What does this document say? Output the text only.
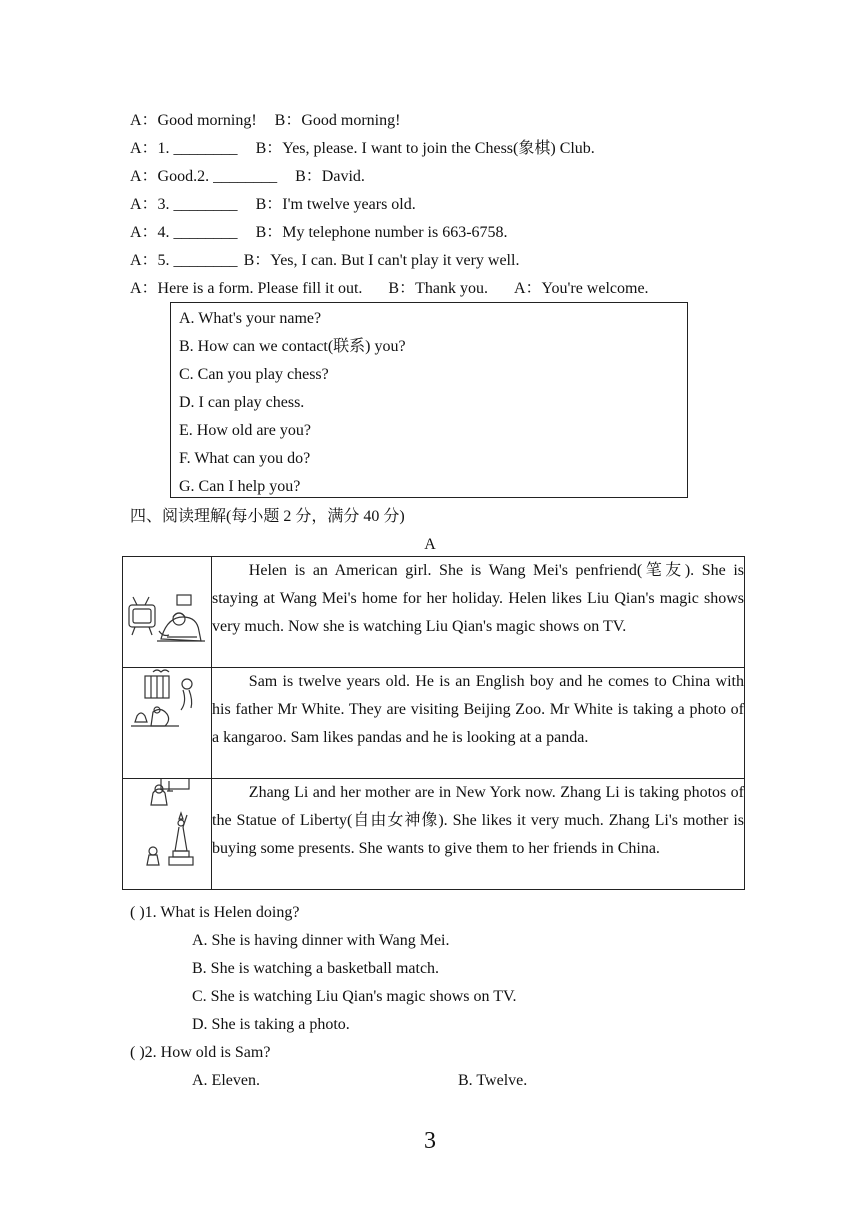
A：Good morning! B：Good morning!
A：1. ________ B：Yes, please. I want to join the Chess(象棋) Club.
A：Good.2. ________ B：David.
A：3. ________ B：I'm twelve years old.
A：4. ________ B：My telephone number is 663‑6758.
A：5. ________ B：Yes, I can. But I can't play it very well.
A：Here is a form. Please fill it out. B：Thank you. A：You're welcome.
A. What's your name?
B. How can we contact(联系) you?
C. Can you play chess?
D. I can play chess.
E. How old are you?
F. What can you do?
G. Can I help you?
四、阅读理解(每小题 2 分，满分 40 分)
A

Helen is an American girl. She is Wang Mei's penfriend(笔友). She is staying at Wang Mei's home for her holiday. Helen likes Liu Qian's magic shows very much. Now she is watching Liu Qian's magic shows on TV.

Sam is twelve years old. He is an English boy and he comes to China with his father Mr White. They are visiting Beijing Zoo. Mr White is taking a photo of a kangaroo. Sam likes pandas and he is looking at a panda.

Zhang Li and her mother are in New York now. Zhang Li is taking photos of the Statue of Liberty(自由女神像). She likes it very much. Zhang Li's mother is buying some presents. She wants to give them to her friends in China.
( )1. What is Helen doing?
A. She is having dinner with Wang Mei.
B. She is watching a basketball match.
C. She is watching Liu Qian's magic shows on TV.
D. She is taking a photo.
( )2. How old is Sam?
A. Eleven.	B. Twelve.
3
